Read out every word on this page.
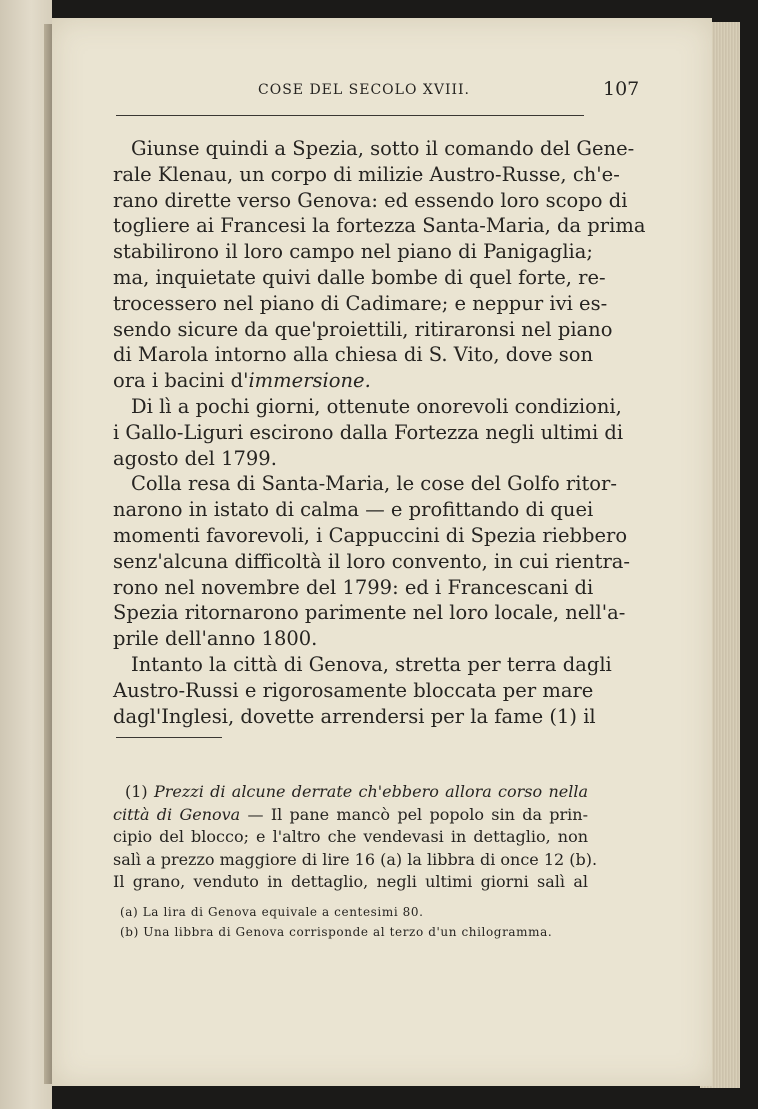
COSE DEL SECOLO XVIII.	107
Giunse quindi a Spezia, sotto il comando del Gene-
rale Klenau, un corpo di milizie Austro-Russe, ch'e-
rano dirette verso Genova: ed essendo loro scopo di
togliere ai Francesi la fortezza Santa-Maria, da prima
stabilirono il loro campo nel piano di Panigaglia;
ma, inquietate quivi dalle bombe di quel forte, re-
trocessero nel piano di Cadimare; e neppur ivi es-
sendo sicure da que'proiettili, ritiraronsi nel piano
di Marola intorno alla chiesa di S. Vito, dove son
ora i bacini d'immersione.
Di lì a pochi giorni, ottenute onorevoli condizioni,
i Gallo-Liguri escirono dalla Fortezza negli ultimi di
agosto del 1799.
Colla resa di Santa-Maria, le cose del Golfo ritor-
narono in istato di calma — e profittando di quei
momenti favorevoli, i Cappuccini di Spezia riebbero
senz'alcuna difficoltà il loro convento, in cui rientra-
rono nel novembre del 1799: ed i Francescani di
Spezia ritornarono parimente nel loro locale, nell'a-
prile dell'anno 1800.
Intanto la città di Genova, stretta per terra dagli
Austro-Russi e rigorosamente bloccata per mare
dagl'Inglesi, dovette arrendersi per la fame (1) il
(1) Prezzi di alcune derrate ch'ebbero allora corso nella
città di Genova — Il pane mancò pel popolo sin da prin-
cipio del blocco; e l'altro che vendevasi in dettaglio, non
salì a prezzo maggiore di lire 16 (a) la libbra di once 12 (b).
Il grano, venduto in dettaglio, negli ultimi giorni salì al
(a) La lira di Genova equivale a centesimi 80.
(b) Una libbra di Genova corrisponde al terzo d'un chilogramma.
